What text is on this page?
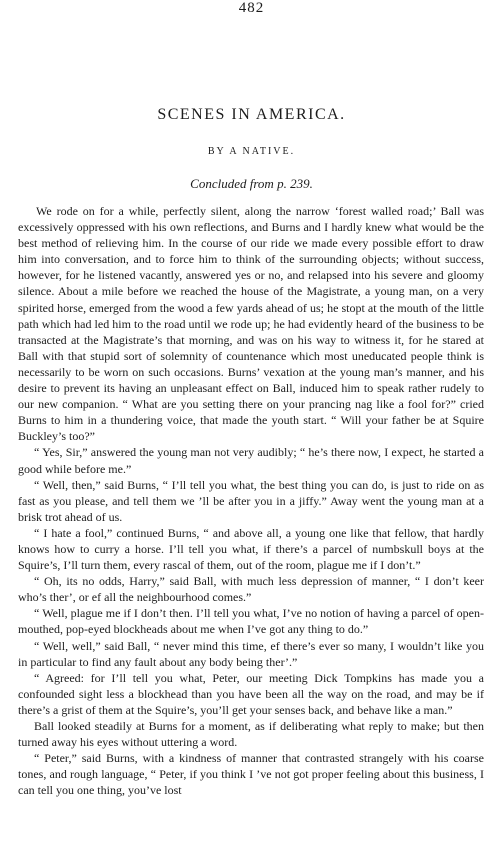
482
SCENES IN AMERICA.
BY A NATIVE.
Concluded from p. 239.

We rode on for a while, perfectly silent, along the narrow ‘forest walled road;’ Ball was excessively oppressed with his own reflections, and Burns and I hardly knew what would be the best method of relieving him. In the course of our ride we made every possible effort to draw him into conversation, and to force him to think of the surrounding objects; without success, however, for he listened vacantly, answered yes or no, and relapsed into his severe and gloomy silence. About a mile before we reached the house of the Magistrate, a young man, on a very spirited horse, emerged from the wood a few yards ahead of us; he stopt at the mouth of the little path which had led him to the road until we rode up; he had evidently heard of the business to be transacted at the Magistrate’s that morning, and was on his way to witness it, for he stared at Ball with that stupid sort of solemnity of countenance which most uneducated people think is necessarily to be worn on such occasions. Burns’ vexation at the young man’s manner, and his desire to prevent its having an unpleasant effect on Ball, induced him to speak rather rudely to our new companion. “ What are you setting there on your prancing nag like a fool for?” cried Burns to him in a thundering voice, that made the youth start. “ Will your father be at Squire Buckley’s too?”

“ Yes, Sir,” answered the young man not very audibly; “ he’s there now, I expect, he started a good while before me.”

“ Well, then,” said Burns, “ I’ll tell you what, the best thing you can do, is just to ride on as fast as you please, and tell them we ’ll be after you in a jiffy.” Away went the young man at a brisk trot ahead of us.

“ I hate a fool,” continued Burns, “ and above all, a young one like that fellow, that hardly knows how to curry a horse. I’ll tell you what, if there’s a parcel of numbskull boys at the Squire’s, I’ll turn them, every rascal of them, out of the room, plague me if I don’t.”

“ Oh, its no odds, Harry,” said Ball, with much less depression of manner, “ I don’t keer who’s ther’, or ef all the neighbourhood comes.”

“ Well, plague me if I don’t then. I’ll tell you what, I’ve no notion of having a parcel of open-mouthed, pop-eyed blockheads about me when I’ve got any thing to do.”

“ Well, well,” said Ball, “ never mind this time, ef there’s ever so many, I wouldn’t like you in particular to find any fault about any body being ther’.”

“ Agreed: for I’ll tell you what, Peter, our meeting Dick Tompkins has made you a confounded sight less a blockhead than you have been all the way on the road, and may be if there’s a grist of them at the Squire’s, you’ll get your senses back, and behave like a man.”

Ball looked steadily at Burns for a moment, as if deliberating what reply to make; but then turned away his eyes without uttering a word.

“ Peter,” said Burns, with a kindness of manner that contrasted strangely with his coarse tones, and rough language, “ Peter, if you think I ’ve not got proper feeling about this business, I can tell you one thing, you’ve lost
